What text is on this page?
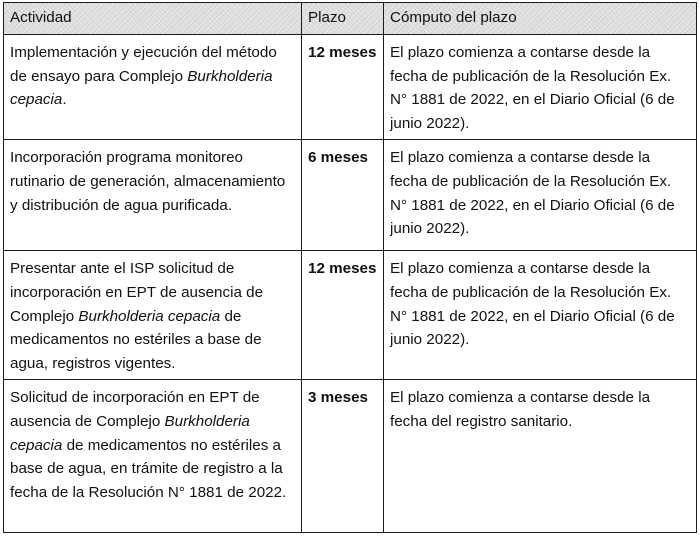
Actividad	Plazo	Cómputo del plazo
Implementación y ejecución del método de ensayo para Complejo Burkholderia cepacia.	12 meses	El plazo comienza a contarse desde la fecha de publicación de la Resolución Ex. N° 1881 de 2022, en el Diario Oficial (6 de junio 2022).
Incorporación programa monitoreo rutinario de generación, almacenamiento y distribución de agua purificada.	6 meses	El plazo comienza a contarse desde la fecha de publicación de la Resolución Ex. N° 1881 de 2022, en el Diario Oficial (6 de junio 2022).
Presentar ante el ISP solicitud de incorporación en EPT de ausencia de Complejo Burkholderia cepacia de medicamentos no estériles a base de agua, registros vigentes.	12 meses	El plazo comienza a contarse desde la fecha de publicación de la Resolución Ex. N° 1881 de 2022, en el Diario Oficial (6 de junio 2022).
Solicitud de incorporación en EPT de ausencia de Complejo Burkholderia cepacia de medicamentos no estériles a base de agua, en trámite de registro a la fecha de la Resolución N° 1881 de 2022.	3 meses	El plazo comienza a contarse desde la fecha del registro sanitario.
